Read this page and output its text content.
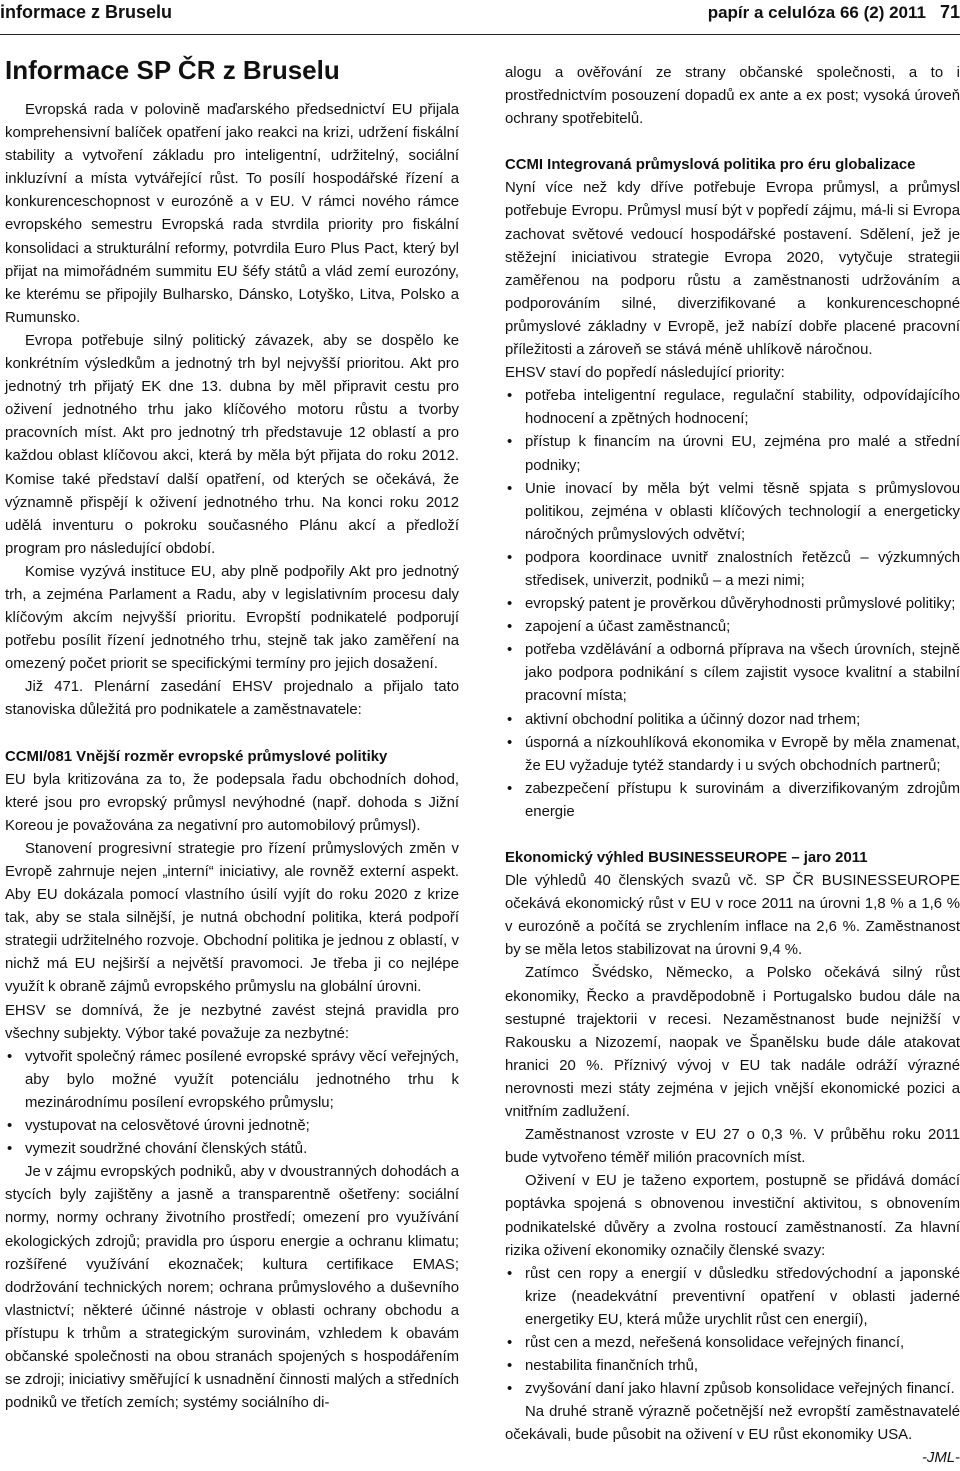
informace z Bruselu	papír a celulóza 66 (2) 2011 71
Informace SP ČR z Bruselu

Evropská rada v polovině maďarského předsednictví EU přijala komprehensivní balíček opatření jako reakci na krizi, udržení fiskální stability a vytvoření základu pro inteligentní, udržitelný, sociální inkluzívní a místa vytvářející růst. To posílí hospodářské řízení a konkurenceschopnost v eurozóně a v EU. V rámci nového rámce evropského semestru Evropská rada stvrdila priority pro fiskální konsolidaci a strukturální reformy, potvrdila Euro Plus Pact, který byl přijat na mimořádném summitu EU šéfy států a vlád zemí eurozóny, ke kterému se připojily Bulharsko, Dánsko, Lotyško, Litva, Polsko a Rumunsko.

Evropa potřebuje silný politický závazek, aby se dospělo ke konkrétním výsledkům a jednotný trh byl nejvyšší prioritou. Akt pro jednotný trh přijatý EK dne 13. dubna by měl připravit cestu pro oživení jednotného trhu jako klíčového motoru růstu a tvorby pracovních míst. Akt pro jednotný trh představuje 12 oblastí a pro každou oblast klíčovou akci, která by měla být přijata do roku 2012. Komise také představí další opatření, od kterých se očekává, že významně přispějí k oživení jednotného trhu. Na konci roku 2012 udělá inventuru o pokroku současného Plánu akcí a předloží program pro následující období.

Komise vyzývá instituce EU, aby plně podpořily Akt pro jednotný trh, a zejména Parlament a Radu, aby v legislativním procesu daly klíčovým akcím nejvyšší prioritu. Evropští podnikatelé podporují potřebu posílit řízení jednotného trhu, stejně tak jako zaměření na omezený počet priorit se specifickými termíny pro jejich dosažení.

Již 471. Plenární zasedání EHSV projednalo a přijalo tato stanoviska důležitá pro podnikatele a zaměstnavatele:

CCMI/081 Vnější rozměr evropské průmyslové politiky

EU byla kritizována za to, že podepsala řadu obchodních dohod, které jsou pro evropský průmysl nevýhodné (např. dohoda s Jižní Koreou je považována za negativní pro automobilový průmysl).

Stanovení progresivní strategie pro řízení průmyslových změn v Evropě zahrnuje nejen „interní“ iniciativy, ale rovněž externí aspekt. Aby EU dokázala pomocí vlastního úsilí vyjít do roku 2020 z krize tak, aby se stala silnější, je nutná obchodní politika, která podpoří strategii udržitelného rozvoje. Obchodní politika je jednou z oblastí, v nichž má EU nejširší a největší pravomoci. Je třeba ji co nejlépe využít k obraně zájmů evropského průmyslu na globální úrovni.

EHSV se domnívá, že je nezbytné zavést stejná pravidla pro všechny subjekty. Výbor také považuje za nezbytné:

• vytvořit společný rámec posílené evropské správy věcí veřejných, aby bylo možné využít potenciálu jednotného trhu k mezinárodnímu posílení evropského průmyslu;
• vystupovat na celosvětové úrovni jednotně;
• vymezit soudržné chování členských států.

Je v zájmu evropských podniků, aby v dvoustranných dohodách a stycích byly zajištěny a jasně a transparentně ošetřeny: sociální normy, normy ochrany životního prostředí; omezení pro využívání ekologických zdrojů; pravidla pro úsporu energie a ochranu klimatu; rozšířené využívání ekoznaček; kultura certifikace EMAS; dodržování technických norem; ochrana průmyslového a duševního vlastnictví; některé účinné nástroje v oblasti ochrany obchodu a přístupu k trhům a strategickým surovinám, vzhledem k obavám občanské společnosti na obou stranách spojených s hospodářením se zdroji; iniciativy směřující k usnadnění činnosti malých a středních podniků ve třetích zemích; systémy sociálního di-

alogu a ověřování ze strany občanské společnosti, a to i prostřednictvím posouzení dopadů ex ante a ex post; vysoká úroveň ochrany spotřebitelů.

CCMI Integrovaná průmyslová politika pro éru globalizace

Nyní více než kdy dříve potřebuje Evropa průmysl, a průmysl potřebuje Evropu. Průmysl musí být v popředí zájmu, má-li si Evropa zachovat světové vedoucí hospodářské postavení. Sdělení, jež je stěžejní iniciativou strategie Evropa 2020, vytyčuje strategii zaměřenou na podporu růstu a zaměstnanosti udržováním a podporováním silné, diverzifikované a konkurenceschopné průmyslové základny v Evropě, jež nabízí dobře placené pracovní příležitosti a zároveň se stává méně uhlíkově náročnou.

EHSV staví do popředí následující priority:

• potřeba inteligentní regulace, regulační stability, odpovídajícího hodnocení a zpětných hodnocení;
• přístup k financím na úrovni EU, zejména pro malé a střední podniky;
• Unie inovací by měla být velmi těsně spjata s průmyslovou politikou, zejména v oblasti klíčových technologií a energeticky náročných průmyslových odvětví;
• podpora koordinace uvnitř znalostních řetězců – výzkumných středisek, univerzit, podniků – a mezi nimi;
• evropský patent je prověrkou důvěryhodnosti průmyslové politiky;
• zapojení a účast zaměstnanců;
• potřeba vzdělávání a odborná příprava na všech úrovních, stejně jako podpora podnikání s cílem zajistit vysoce kvalitní a stabilní pracovní místa;
• aktivní obchodní politika a účinný dozor nad trhem;
• úsporná a nízkouhlíková ekonomika v Evropě by měla znamenat, že EU vyžaduje tytéž standardy i u svých obchodních partnerů;
• zabezpečení přístupu k surovinám a diverzifikovaným zdrojům energie
Ekonomický výhled BUSINESSEUROPE – jaro 2011

Dle výhledů 40 členských svazů vč. SP ČR BUSINESSEUROPE očekává ekonomický růst v EU v roce 2011 na úrovni 1,8 % a 1,6 % v eurozóně a počítá se zrychlením inflace na 2,6 %. Zaměstnanost by se měla letos stabilizovat na úrovni 9,4 %.

Zatímco Švédsko, Německo, a Polsko očekává silný růst ekonomiky, Řecko a pravděpodobně i Portugalsko budou dále na sestupné trajektorii v recesi. Nezaměstnanost bude nejnižší v Rakousku a Nizozemí, naopak ve Španělsku bude dále atakovat hranici 20 %. Příznivý vývoj v EU tak nadále odráží výrazné nerovnosti mezi státy zejména v jejich vnější ekonomické pozici a vnitřním zadlužení.

Zaměstnanost vzroste v EU 27 o 0,3 %. V průběhu roku 2011 bude vytvořeno téměř milión pracovních míst.

Oživení v EU je taženo exportem, postupně se přidává domácí poptávka spojená s obnovenou investiční aktivitou, s obnovením podnikatelské důvěry a zvolna rostoucí zaměstnaností. Za hlavní rizika oživení ekonomiky označily členské svazy:

• růst cen ropy a energií v důsledku středovýchodní a japonské krize (neadekvátní preventivní opatření v oblasti jaderné energetiky EU, která může urychlit růst cen energií),
• růst cen a mezd, neřešená konsolidace veřejných financí,
• nestabilita finančních trhů,
• zvyšování daní jako hlavní způsob konsolidace veřejných financí.

Na druhé straně výrazně početnější než evropští zaměstnavatelé očekávali, bude působit na oživení v EU růst ekonomiky USA.
-JML-
